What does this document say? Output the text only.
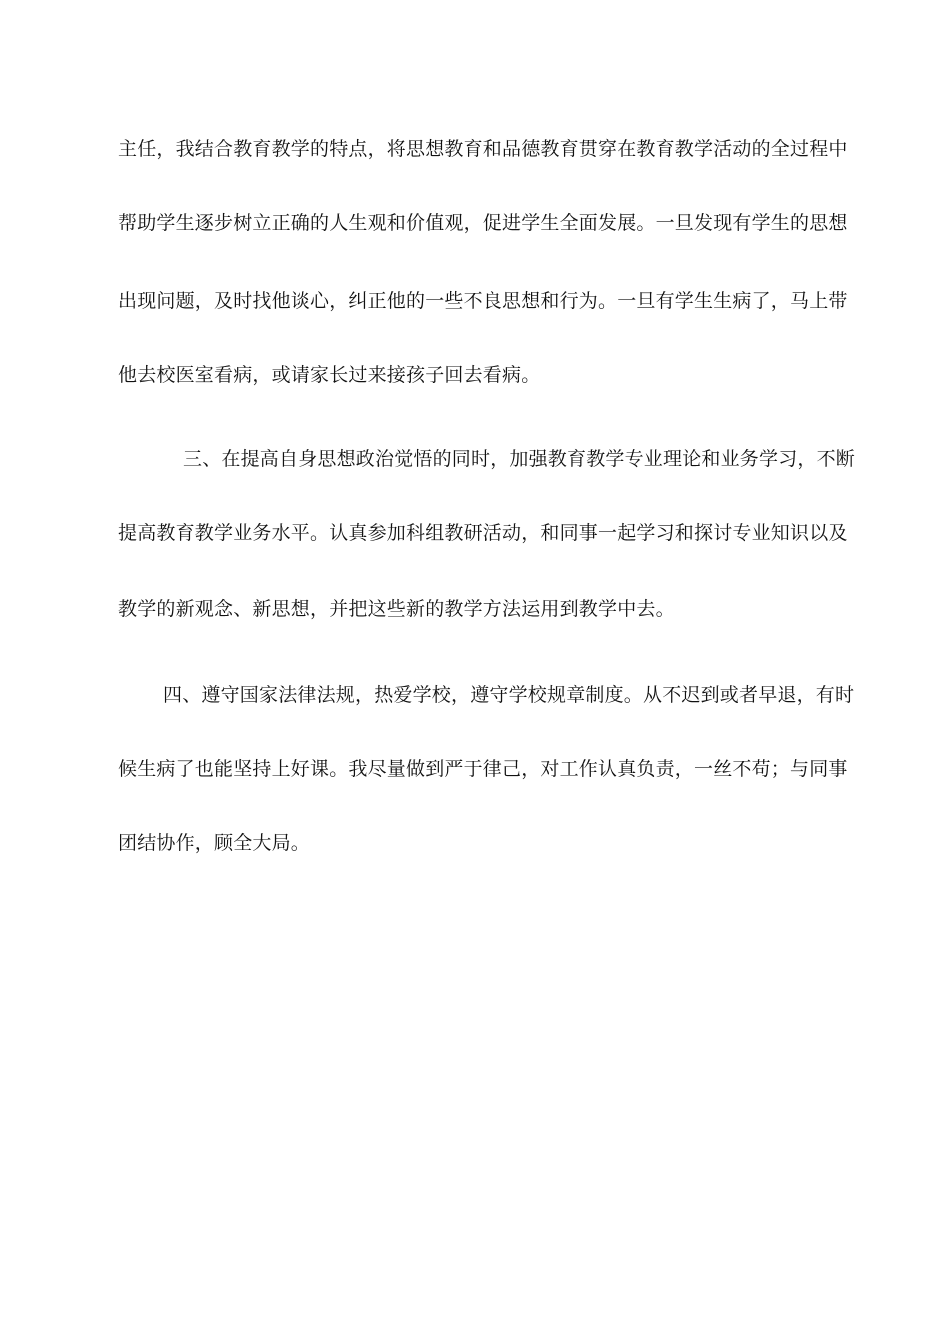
主任，我结合教育教学的特点，将思想教育和品德教育贯穿在教育教学活动的全过程中
帮助学生逐步树立正确的人生观和价值观，促进学生全面发展。一旦发现有学生的思想
出现问题，及时找他谈心，纠正他的一些不良思想和行为。一旦有学生生病了，马上带
他去校医室看病，或请家长过来接孩子回去看病。
三、在提高自身思想政治觉悟的同时，加强教育教学专业理论和业务学习，不断
提高教育教学业务水平。认真参加科组教研活动，和同事一起学习和探讨专业知识以及
教学的新观念、新思想，并把这些新的教学方法运用到教学中去。
四、遵守国家法律法规，热爱学校，遵守学校规章制度。从不迟到或者早退，有时
候生病了也能坚持上好课。我尽量做到严于律己，对工作认真负责，一丝不苟；与同事
团结协作，顾全大局。
